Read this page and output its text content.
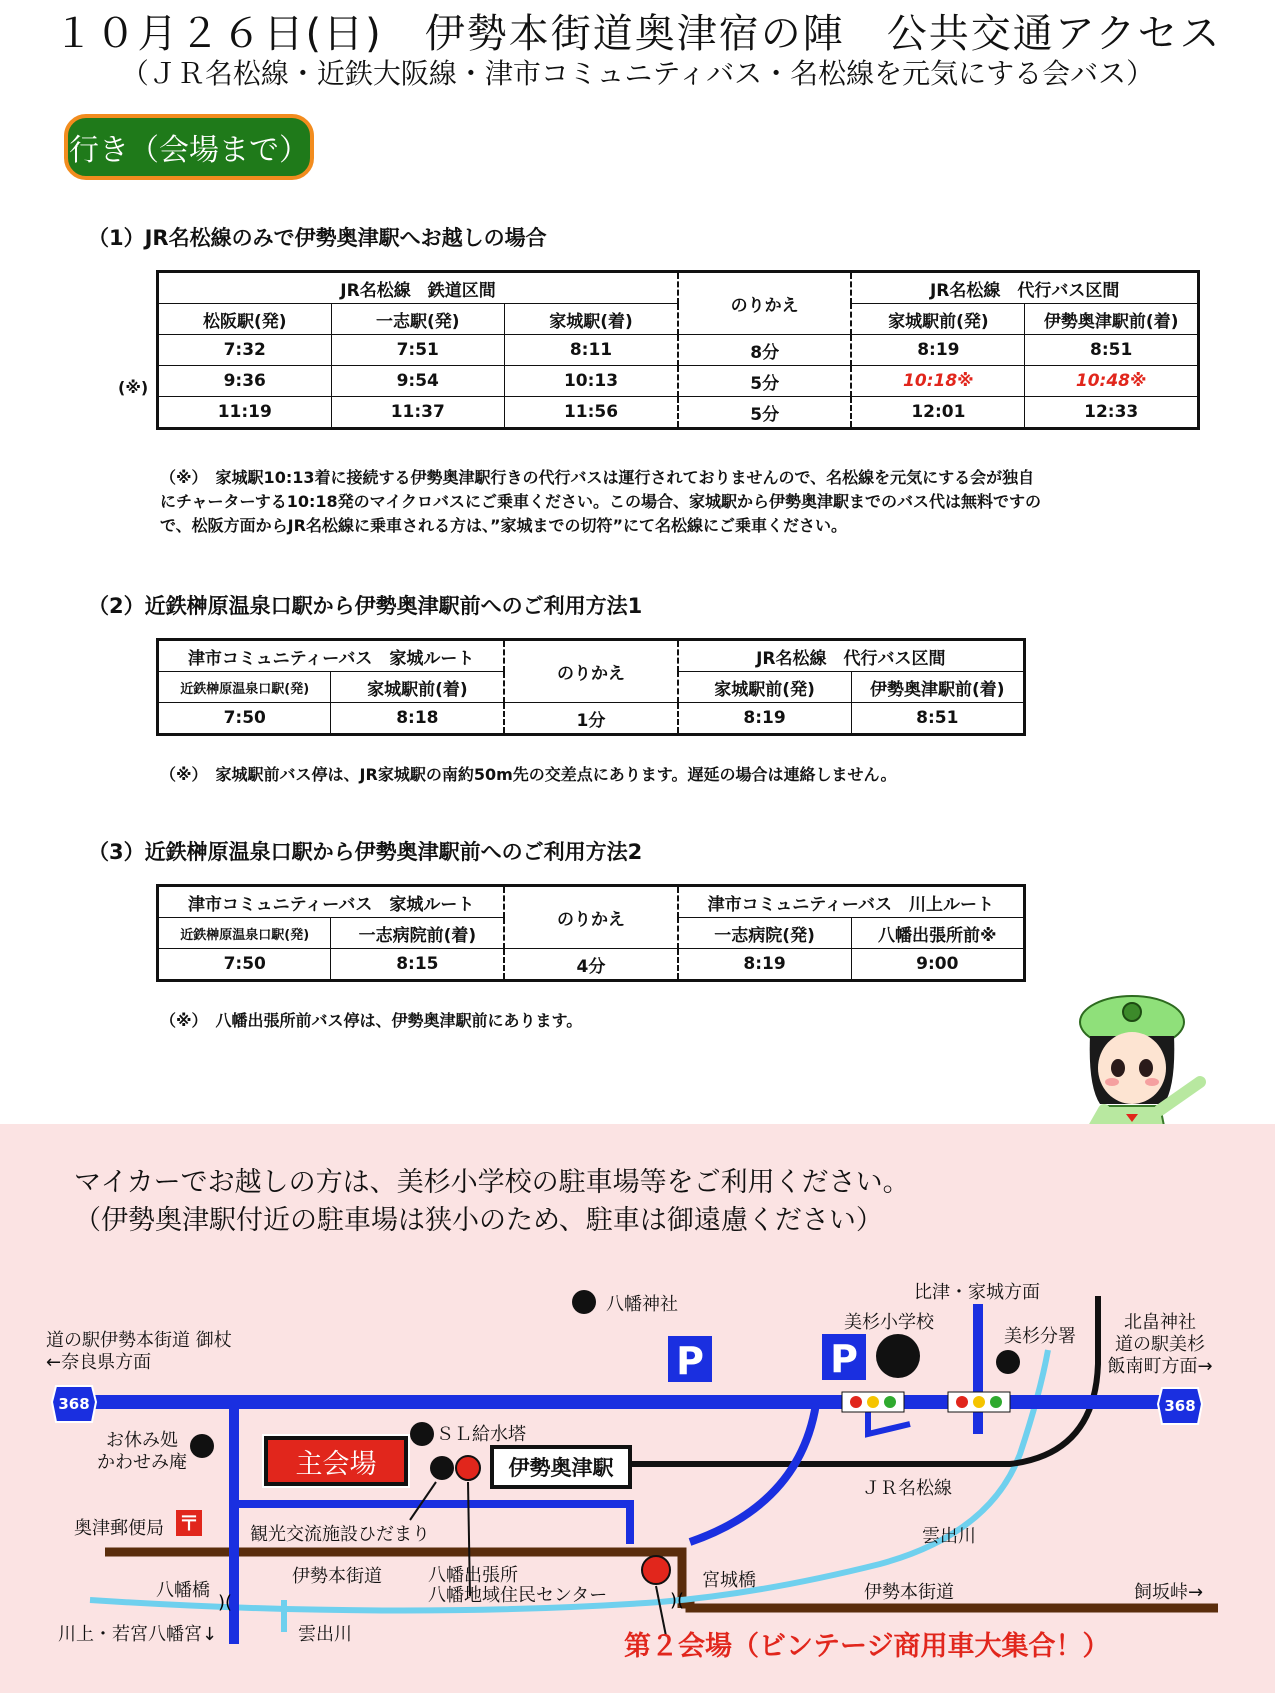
１０月２６日(日)　伊勢本街道奥津宿の陣　公共交通アクセス
（ＪＲ名松線・近鉄大阪線・津市コミュニティバス・名松線を元気にする会バス）
行き（会場まで）
（1）JR名松線のみで伊勢奥津駅へお越しの場合
JR名松線　鉄道区間			のりかえ	JR名松線　代行バス区間	
松阪駅(発)	一志駅(発)	家城駅(着)		家城駅前(発)	伊勢奥津駅前(着)
7:32	7:51	8:11	8分	8:19	8:51
9:36	9:54	10:13	5分	10:18※	10:48※
11:19	11:37	11:56	5分	12:01	12:33
(※)
（※）　家城駅10:13着に接続する伊勢奥津駅行きの代行バスは運行されておりませんので、名松線を元気にする会が独自
にチャーターする10:18発のマイクロバスにご乗車ください。この場合、家城駅から伊勢奥津駅までのバス代は無料ですの
で、松阪方面からJR名松線に乗車される方は、”家城までの切符”にて名松線にご乗車ください。
（2）近鉄榊原温泉口駅から伊勢奥津駅前へのご利用方法1
津市コミュニティーバス　家城ルート		のりかえ	JR名松線　代行バス区間	
近鉄榊原温泉口駅(発)	家城駅前(着)		家城駅前(発)	伊勢奥津駅前(着)
7:50	8:18	1分	8:19	8:51
（※）　家城駅前バス停は、JR家城駅の南約50m先の交差点にあります。遅延の場合は連絡しません。
（3）近鉄榊原温泉口駅から伊勢奥津駅前へのご利用方法2
津市コミュニティーバス　家城ルート		のりかえ	津市コミュニティーバス　川上ルート	
近鉄榊原温泉口駅(発)	一志病院前(着)		一志病院(発)	八幡出張所前※
7:50	8:15	4分	8:19	9:00
（※）　八幡出張所前バス停は、伊勢奥津駅前にあります。
マイカーでお越しの方は、美杉小学校の駐車場等をご利用ください。
（伊勢奥津駅付近の駐車場は狭小のため、駐車は御遠慮ください）
368	368
P	P
〒
)(	)(
主会場	伊勢奥津駅
八幡神社
比津・家城方面
美杉小学校
美杉分署
北畠神社
道の駅美杉
飯南町方面→
道の駅伊勢本街道 御杖
←奈良県方面
お休み処
かわせみ庵
ＳＬ給水塔
ＪＲ名松線
奥津郵便局	観光交流施設ひだまり	雲出川
伊勢本街道	八幡出張所
八幡地域住民センター
宮城橋
伊勢本街道	飼坂峠→
八幡橋
川上・若宮八幡宮↓	雲出川	第２会場（ビンテージ商用車大集合！）
